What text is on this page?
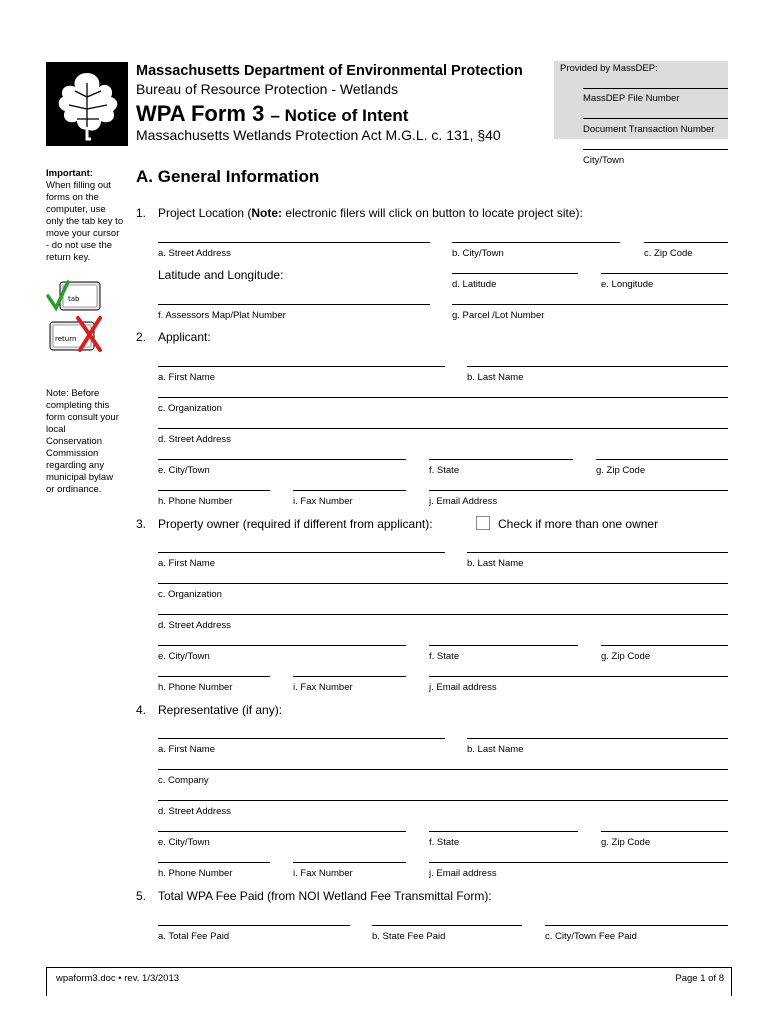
Massachusetts Department of Environmental Protection
Bureau of Resource Protection - Wetlands
WPA Form 3 – Notice of Intent
Massachusetts Wetlands Protection Act M.G.L. c. 131, §40
Provided by MassDEP:
MassDEP File Number
Document Transaction Number
City/Town
Important:
When filling out forms on the computer, use only the tab key to move your cursor - do not use the return key.
tab
return
Note: Before completing this form consult your local Conservation Commission regarding any municipal bylaw or ordinance.
A. General Information
1. Project Location (Note: electronic filers will click on button to locate project site):
a. Street Address	b. City/Town	c. Zip Code
Latitude and Longitude:
d. Latitude	e. Longitude
f. Assessors Map/Plat Number	g. Parcel /Lot Number
2. Applicant:
a. First Name	b. Last Name
c. Organization
d. Street Address
e. City/Town	f. State	g. Zip Code
h. Phone Number	i. Fax Number	j. Email Address
3. Property owner (required if different from applicant):	Check if more than one owner
a. First Name	b. Last Name
c. Organization
d. Street Address
e. City/Town	f. State	g. Zip Code
h. Phone Number	i. Fax Number	j. Email address
4. Representative (if any):
a. First Name	b. Last Name
c. Company
d. Street Address
e. City/Town	f. State	g. Zip Code
h. Phone Number	i. Fax Number	j. Email address
5. Total WPA Fee Paid (from NOI Wetland Fee Transmittal Form):
a. Total Fee Paid	b. State Fee Paid	c. City/Town Fee Paid
wpaform3.doc • rev. 1/3/2013	Page 1 of 8
